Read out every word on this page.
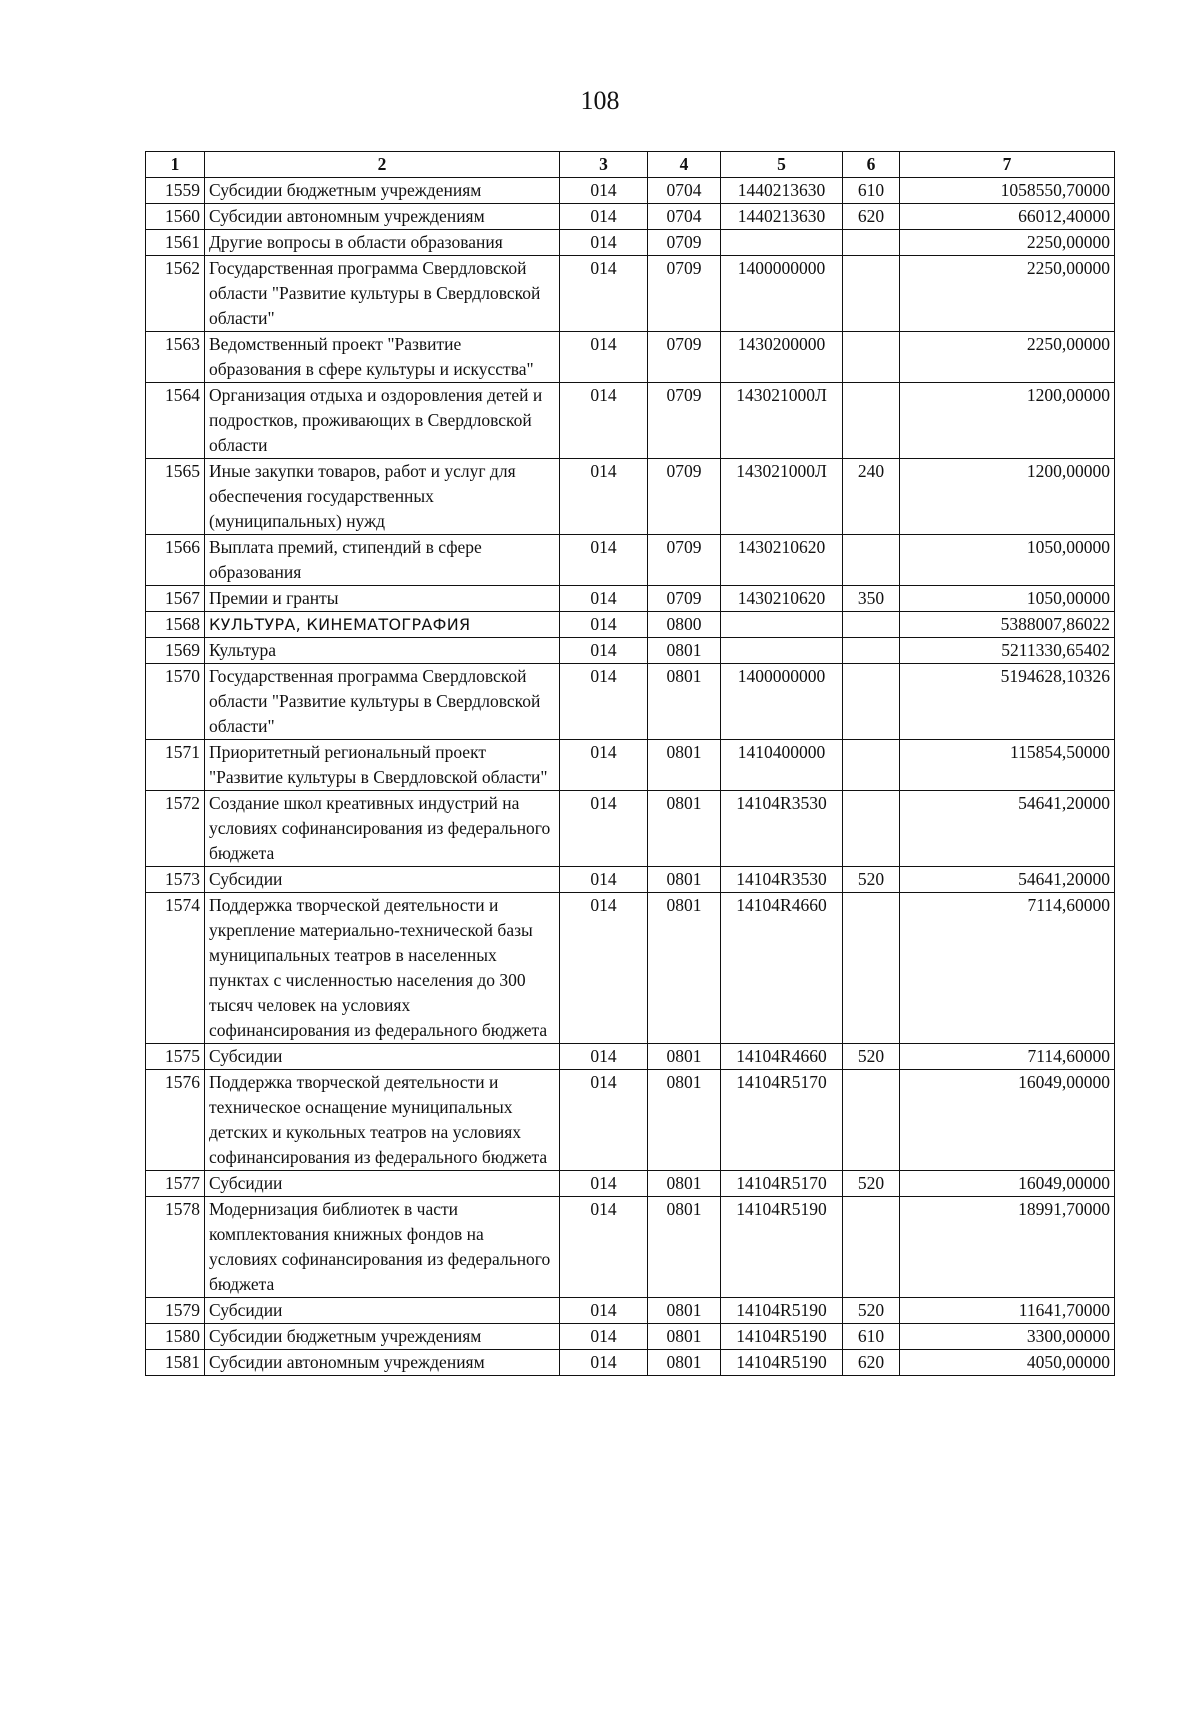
108
1	2	3	4	5	6	7
1559	Субсидии бюджетным учреждениям	014	0704	1440213630	610	1058550,70000
1560	Субсидии автономным учреждениям	014	0704	1440213630	620	66012,40000
1561	Другие вопросы в области образования	014	0709			2250,00000
1562	Государственная программа Свердловской области "Развитие культуры в Свердловской области"	014	0709	1400000000		2250,00000
1563	Ведомственный проект "Развитие образования в сфере культуры и искусства"	014	0709	1430200000		2250,00000
1564	Организация отдыха и оздоровления детей и подростков, проживающих в Свердловской области	014	0709	143021000Л		1200,00000
1565	Иные закупки товаров, работ и услуг для обеспечения государственных (муниципальных) нужд	014	0709	143021000Л	240	1200,00000
1566	Выплата премий, стипендий в сфере образования	014	0709	1430210620		1050,00000
1567	Премии и гранты	014	0709	1430210620	350	1050,00000
1568	КУЛЬТУРА, КИНЕМАТОГРАФИЯ	014	0800			5388007,86022
1569	Культура	014	0801			5211330,65402
1570	Государственная программа Свердловской области "Развитие культуры в Свердловской области"	014	0801	1400000000		5194628,10326
1571	Приоритетный региональный проект "Развитие культуры в Свердловской области"	014	0801	1410400000		115854,50000
1572	Создание школ креативных индустрий на условиях софинансирования из федерального бюджета	014	0801	14104R3530		54641,20000
1573	Субсидии	014	0801	14104R3530	520	54641,20000
1574	Поддержка творческой деятельности и укрепление материально-технической базы муниципальных театров в населенных пунктах с численностью населения до 300 тысяч человек на условиях софинансирования из федерального бюджета	014	0801	14104R4660		7114,60000
1575	Субсидии	014	0801	14104R4660	520	7114,60000
1576	Поддержка творческой деятельности и техническое оснащение муниципальных детских и кукольных театров на условиях софинансирования из федерального бюджета	014	0801	14104R5170		16049,00000
1577	Субсидии	014	0801	14104R5170	520	16049,00000
1578	Модернизация библиотек в части комплектования книжных фондов на условиях софинансирования из федерального бюджета	014	0801	14104R5190		18991,70000
1579	Субсидии	014	0801	14104R5190	520	11641,70000
1580	Субсидии бюджетным учреждениям	014	0801	14104R5190	610	3300,00000
1581	Субсидии автономным учреждениям	014	0801	14104R5190	620	4050,00000
